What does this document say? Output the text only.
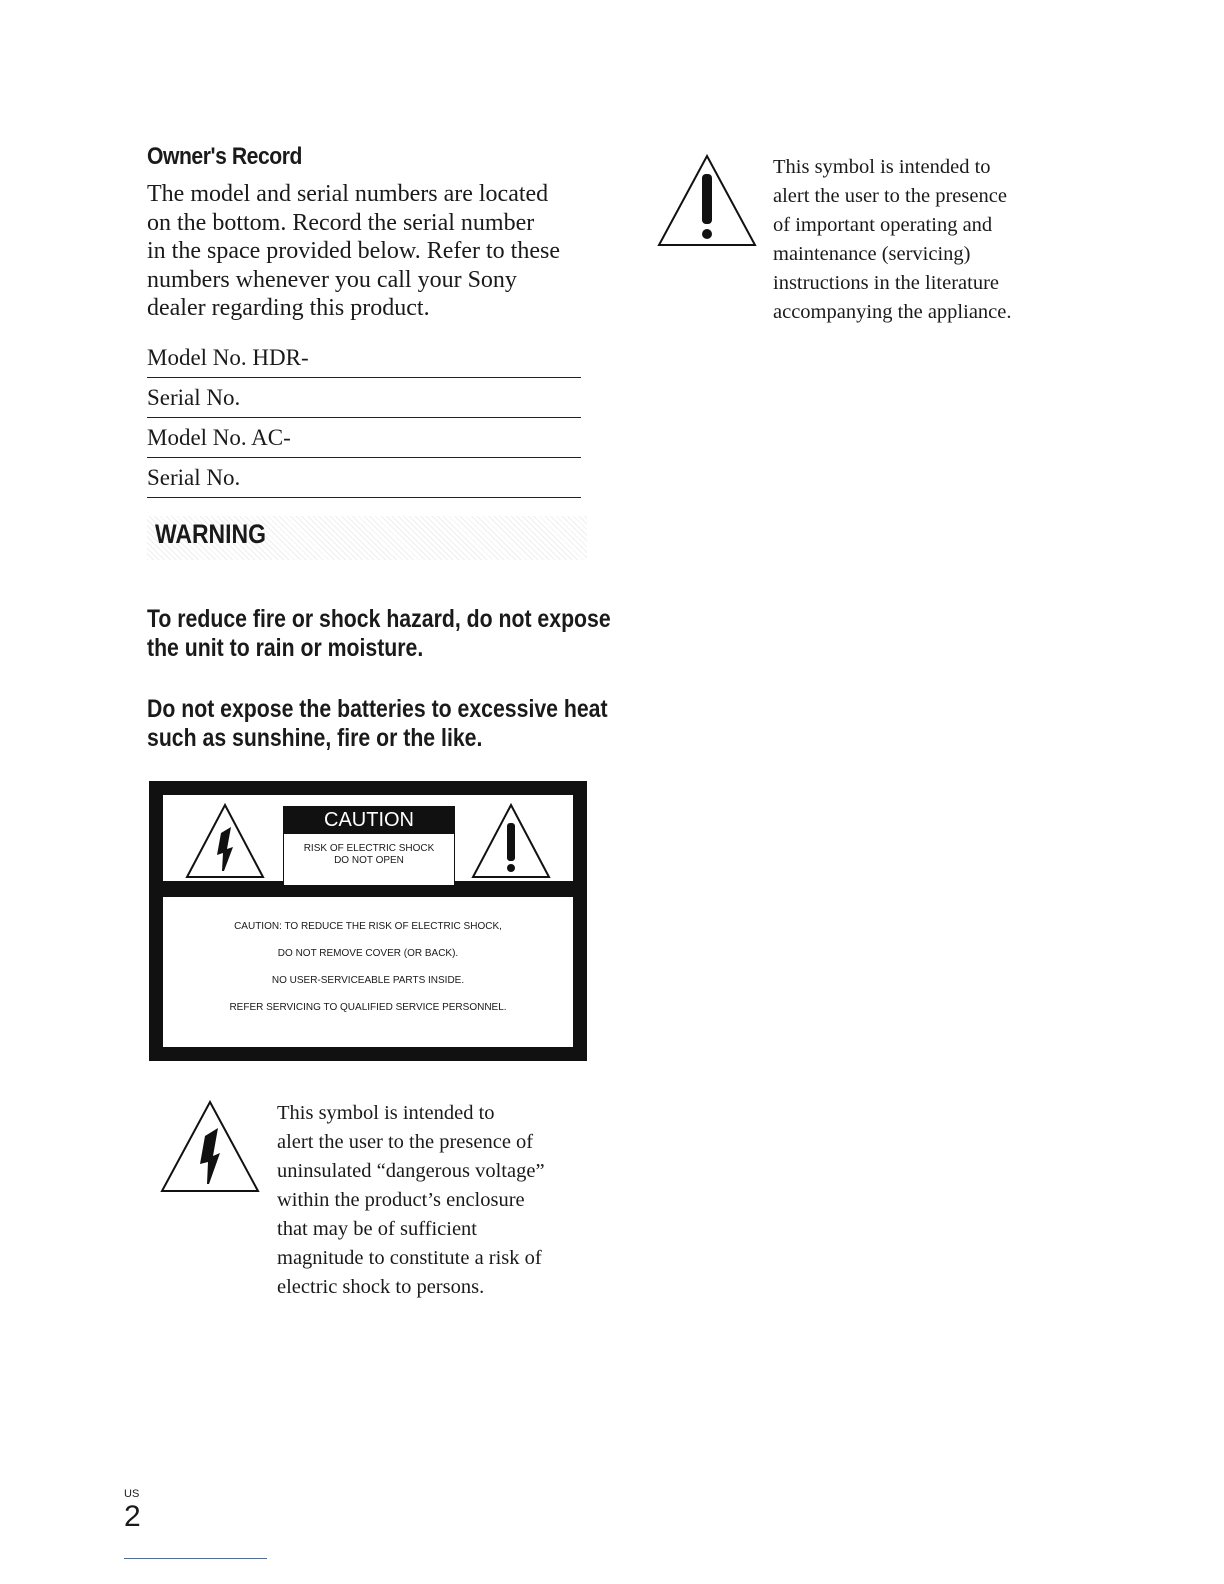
Owner's Record
The model and serial numbers are located
on the bottom. Record the serial number
in the space provided below. Refer to these
numbers whenever you call your Sony
dealer regarding this product.
Model No. HDR-
Serial No.
Model No. AC-
Serial No.
WARNING
To reduce fire or shock hazard, do not expose
the unit to rain or moisture.
Do not expose the batteries to excessive heat
such as sunshine, fire or the like.
CAUTION
RISK OF ELECTRIC SHOCK
DO NOT OPEN
CAUTION: TO REDUCE THE RISK OF ELECTRIC SHOCK,
DO NOT REMOVE COVER (OR BACK).
NO USER-SERVICEABLE PARTS INSIDE.
REFER SERVICING TO QUALIFIED SERVICE PERSONNEL.
This symbol is intended to
alert the user to the presence of
uninsulated “dangerous voltage”
within the product’s enclosure
that may be of sufficient
magnitude to constitute a risk of
electric shock to persons.
This symbol is intended to
alert the user to the presence
of important operating and
maintenance (servicing)
instructions in the literature
accompanying the appliance.
US
2
